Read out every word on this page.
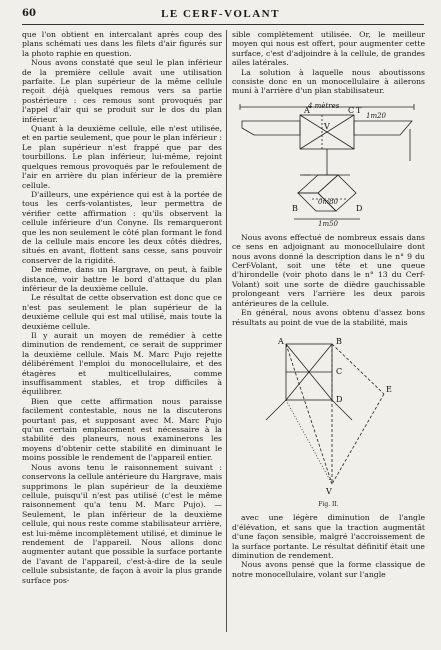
60	LE CERF-VOLANT

que l'on obtient en intercalant après coup des plans schémati ues dans les filets d'air figurés sur la photo raphie en question.

Nous avons constaté que seul le plan inférieur de la première cellule avait une utilisation parfaite. Le plan supérieur de la même cellule reçoit déjà quelques remous vers sa partie postérieure : ces remous sont provoqués par l'appel d'air qui se produit sur le dos du plan inférieur.

Quant à la deuxième cellule, elle n'est utilisée, et en partie seulement, que pour le plan inférieur : Le plan supérieur n'est frappé que par des tourbillons. Le plan inférieur, lui-même, rejoint quelques remous provoqués par le refoulement de l'air en arrière du plan inférieur de la première cellule.

D'ailleurs, une expérience qui est à la portée de tous les cerfs-volantistes, leur permettra de vérifier cette affirmation : qu'ils observent la cellule inférieure d'un Conyne. Ils remarqueront que les non seulement le côté plan formant le fond de la cellule mais encore les deux côtés dièdres, situés en avant, flottent sans cesse, sans pouvoir conserver de la rigidité.

De même, dans un Hargrave, on peut, à faible distance, voir battre le bord d'attaque du plan inférieur de la deuxième cellule.

Le résultat de cette observation est donc que ce n'est pas seulement le plan supérieur de la deuxième cellule qui est mal utilisé, mais toute la deuxième cellule.

Il y aurait un moyen de remédier à cette diminution de rendement, ce serait de supprimer la deuxième cellule. Mais M. Marc Pujo rejette délibérément l'emploi du monocellulaire, et des étagères et multicellulaires, comme insuffisamment stables, et trop difficiles à équilibrer.

Bien que cette affirmation nous paraisse facilement contestable, nous ne la discuterons pourtant pas, et supposant avec M. Marc Pujo qu'un certain emplacement est nécessaire à la stabilité des planeurs, nous examinerons les moyens d'obtenir cette stabilité en diminuant le moins possible le rendement de l'appareil entier.

Nous avons tenu le raisonnement suivant : conservons la cellule antérieure du Hargrave, mais supprimons le plan supérieur de la deuxième cellule, puisqu'il n'est pas utilisé (c'est le même raisonnement qu'a tenu M. Marc Pujo). — Seulement, le plan inférieur de la deuxième cellule, qui nous reste comme stabilisateur arrière, est lui-même incomplètement utilisé, et diminue le rendement de l'appareil. Nous allons donc augmenter autant que possible la surface portante de l'avant de l'appareil, c'est-à-dire de la seule cellule subsistante, de façon à avoir la plus grande surface pos-

sible complètement utilisée. Or, le meilleur moyen qui nous est offert, pour augmenter cette surface, c'est d'adjoindre à la cellule, de grandes ailes latérales.

La solution à laquelle nous aboutissons consiste donc en un monocellulaire à ailerons muni à l'arrière d'un plan stabilisateur.

4 mètres
1m20
0m80
1m50
A	C T
V
B	D

Nous avons effectué de nombreux essais dans ce sens en adjoignant au monocellulaire dont nous avons donné la description dans le n° 9 du Cerf-Volant, soit une tête et une queue d'hirondelle (voir photo dans le n° 13 du Cerf-Volant) soit une sorte de dièdre gauchissable prolongeant vers l'arrière les deux parois antérieures de la cellule.

En général, nous avons obtenu d'assez bons résultats au point de vue de la stabilité, mais

A	B
C
D
E
V
Fig. II.

avec une légère diminution de l'angle d'élévation, et sans que la traction augmentât d'une façon sensible, malgré l'accroissement de la surface portante. Le résultat définitif était une diminution de rendement.

Nous avons pensé que la forme classique de notre monocellulaire, volant sur l'angle
